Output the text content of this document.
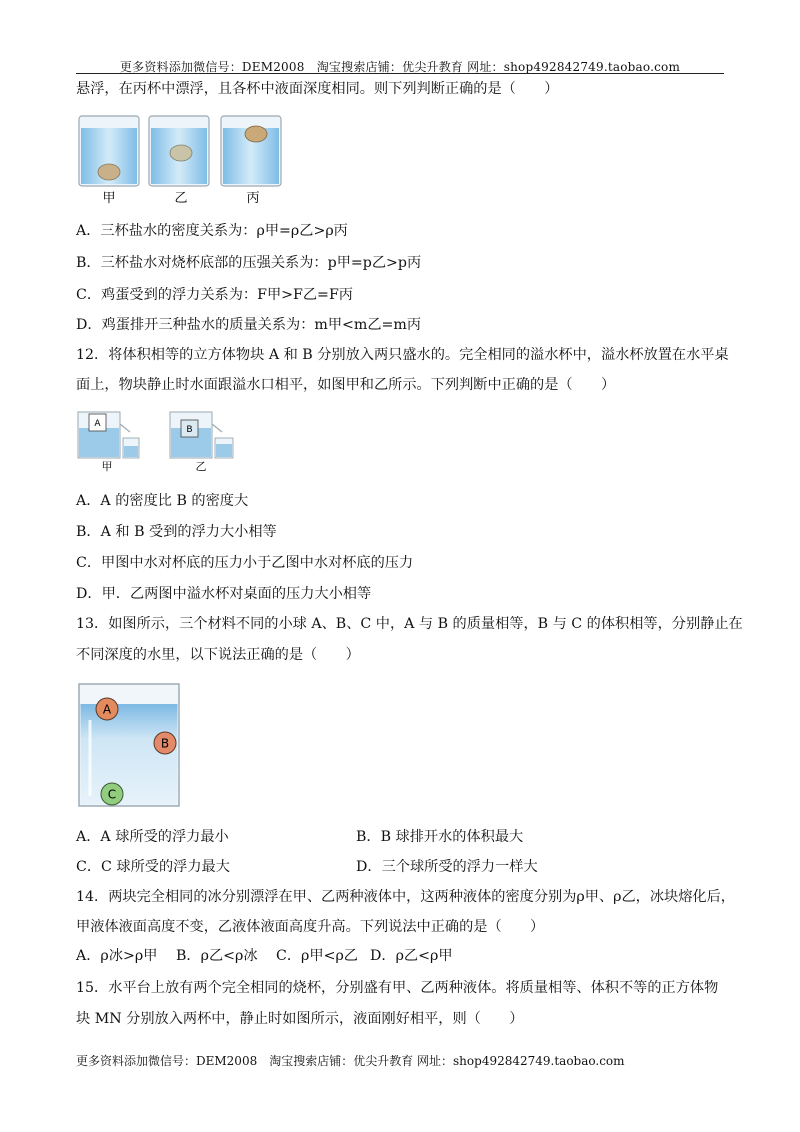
更多资料添加微信号：DEM2008　淘宝搜索店铺：优尖升教育 网址：shop492842749.taobao.com
悬浮，在丙杯中漂浮，且各杯中液面深度相同。则下列判断正确的是（　　）
甲	乙	丙
A．三杯盐水的密度关系为：ρ甲=ρ乙>ρ丙
B．三杯盐水对烧杯底部的压强关系为：p甲=p乙>p丙
C．鸡蛋受到的浮力关系为：F甲>F乙=F丙
D．鸡蛋排开三种盐水的质量关系为：m甲<m乙=m丙
12．将体积相等的立方体物块 A 和 B 分别放入两只盛水的。完全相同的溢水杯中，溢水杯放置在水平桌
面上，物块静止时水面跟溢水口相平，如图甲和乙所示。下列判断中正确的是（　　）
A
甲
B
乙
A．A 的密度比 B 的密度大
B．A 和 B 受到的浮力大小相等
C．甲图中水对杯底的压力小于乙图中水对杯底的压力
D．甲．乙两图中溢水杯对桌面的压力大小相等
13．如图所示，三个材料不同的小球 A、B、C 中，A 与 B 的质量相等，B 与 C 的体积相等，分别静止在
不同深度的水里，以下说法正确的是（　　）
A
B
C
A．A 球所受的浮力最小	B．B 球排开水的体积最大
C．C 球所受的浮力最大	D．三个球所受的浮力一样大
14．两块完全相同的冰分别漂浮在甲、乙两种液体中，这两种液体的密度分别为ρ甲、ρ乙，冰块熔化后，
甲液体液面高度不变，乙液体液面高度升高。下列说法中正确的是（　　）
A．ρ冰>ρ甲 B．ρ乙<ρ冰 C．ρ甲<ρ乙 D．ρ乙<ρ甲
15．水平台上放有两个完全相同的烧杯，分别盛有甲、乙两种液体。将质量相等、体积不等的正方体物
块 MN 分别放入两杯中，静止时如图所示，液面刚好相平，则（　　）
更多资料添加微信号：DEM2008　淘宝搜索店铺：优尖升教育 网址：shop492842749.taobao.com
